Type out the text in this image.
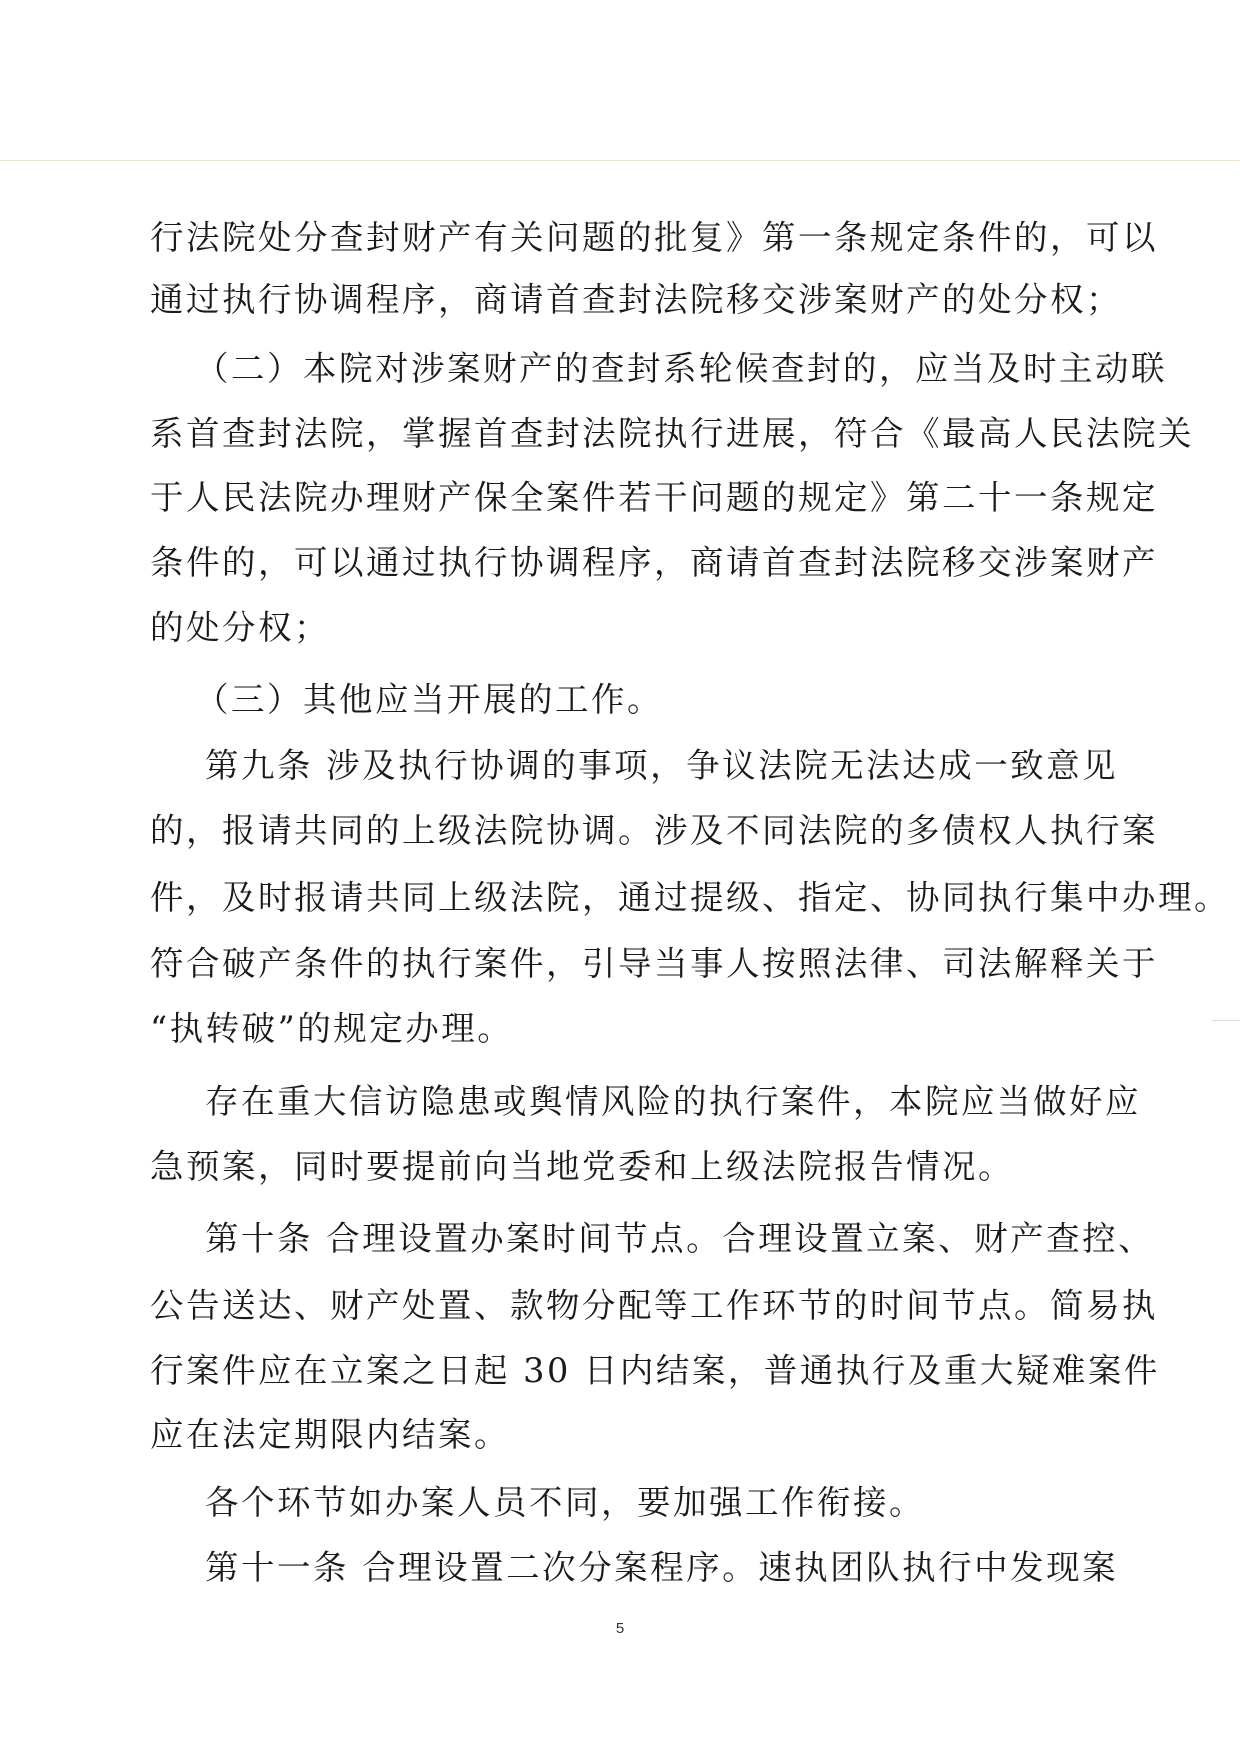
行法院处分查封财产有关问题的批复》第一条规定条件的，可以
通过执行协调程序，商请首查封法院移交涉案财产的处分权；
（二）本院对涉案财产的查封系轮候查封的，应当及时主动联
系首查封法院，掌握首查封法院执行进展，符合《最高人民法院关
于人民法院办理财产保全案件若干问题的规定》第二十一条规定
条件的，可以通过执行协调程序，商请首查封法院移交涉案财产
的处分权；
（三）其他应当开展的工作。
第九条 涉及执行协调的事项，争议法院无法达成一致意见
的，报请共同的上级法院协调。涉及不同法院的多债权人执行案
件，及时报请共同上级法院，通过提级、指定、协同执行集中办理。
符合破产条件的执行案件，引导当事人按照法律、司法解释关于
“执转破”的规定办理。
存在重大信访隐患或舆情风险的执行案件，本院应当做好应
急预案，同时要提前向当地党委和上级法院报告情况。
第十条 合理设置办案时间节点。合理设置立案、财产查控、
公告送达、财产处置、款物分配等工作环节的时间节点。简易执
行案件应在立案之日起 30 日内结案，普通执行及重大疑难案件
应在法定期限内结案。
各个环节如办案人员不同，要加强工作衔接。
第十一条 合理设置二次分案程序。速执团队执行中发现案
5
